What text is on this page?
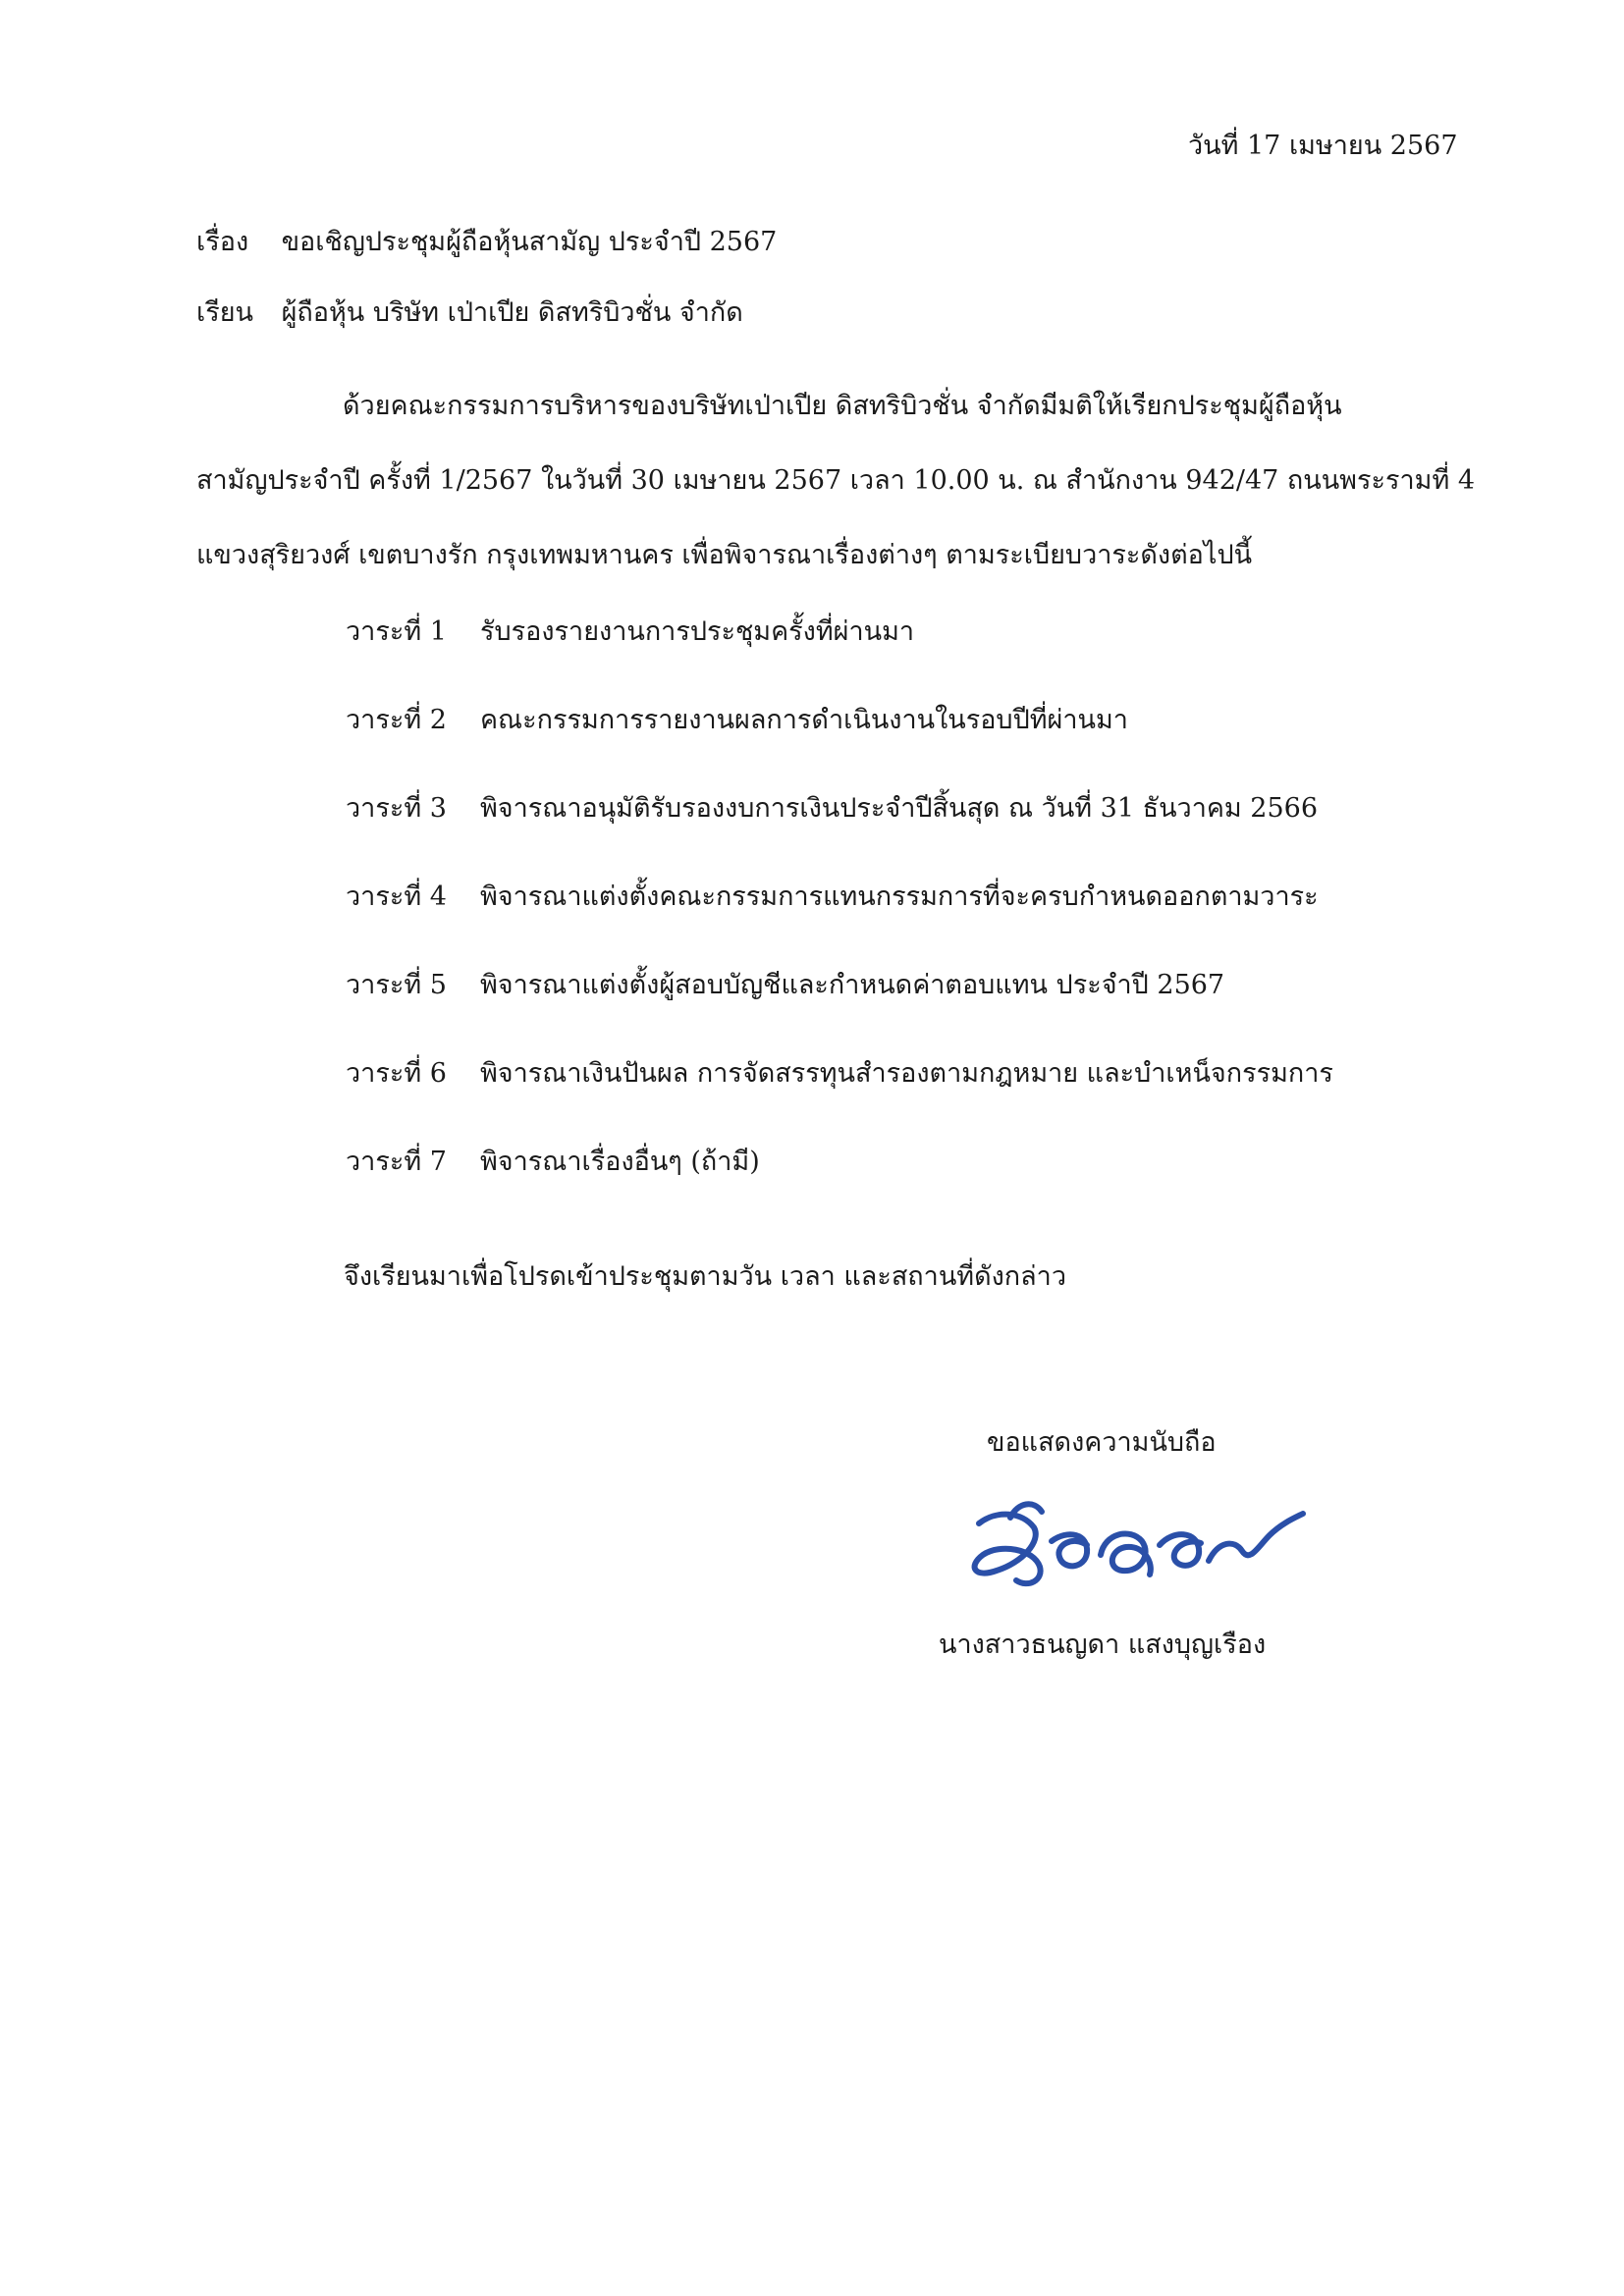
วันที่ 17 เมษายน 2567
เรื่อง ขอเชิญประชุมผู้ถือหุ้นสามัญ ประจำปี 2567
เรียน ผู้ถือหุ้น บริษัท เป่าเปีย ดิสทริบิวชั่น จำกัด
ด้วยคณะกรรมการบริหารของบริษัทเป่าเปีย ดิสทริบิวชั่น จำกัดมีมติให้เรียกประชุมผู้ถือหุ้น
สามัญประจำปี ครั้งที่ 1/2567 ในวันที่ 30 เมษายน 2567 เวลา 10.00 น. ณ สำนักงาน 942/47 ถนนพระรามที่ 4
แขวงสุริยวงศ์ เขตบางรัก กรุงเทพมหานคร เพื่อพิจารณาเรื่องต่างๆ ตามระเบียบวาระดังต่อไปนี้
วาระที่ 1 รับรองรายงานการประชุมครั้งที่ผ่านมา
วาระที่ 2 คณะกรรมการรายงานผลการดำเนินงานในรอบปีที่ผ่านมา
วาระที่ 3 พิจารณาอนุมัติรับรองงบการเงินประจำปีสิ้นสุด ณ วันที่ 31 ธันวาคม 2566
วาระที่ 4 พิจารณาแต่งตั้งคณะกรรมการแทนกรรมการที่จะครบกำหนดออกตามวาระ
วาระที่ 5 พิจารณาแต่งตั้งผู้สอบบัญชีและกำหนดค่าตอบแทน ประจำปี 2567
วาระที่ 6 พิจารณาเงินปันผล การจัดสรรทุนสำรองตามกฎหมาย และบำเหน็จกรรมการ
วาระที่ 7 พิจารณาเรื่องอื่นๆ (ถ้ามี)
จึงเรียนมาเพื่อโปรดเข้าประชุมตามวัน เวลา และสถานที่ดังกล่าว
ขอแสดงความนับถือ
นางสาวธนญดา แสงบุญเรือง
